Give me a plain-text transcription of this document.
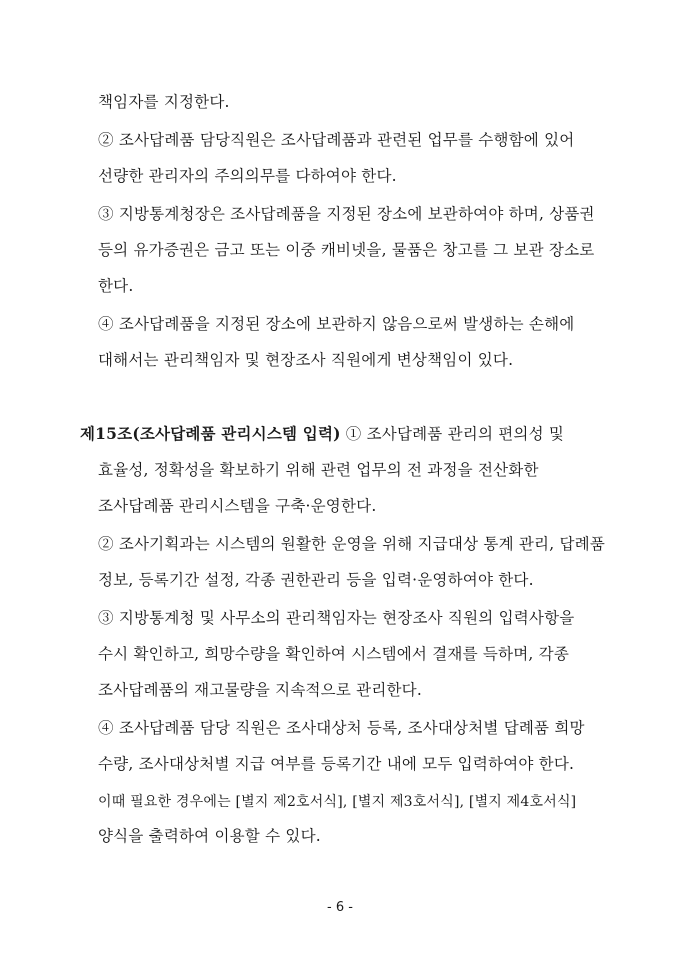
책임자를 지정한다.
② 조사답례품 담당직원은 조사답례품과 관련된 업무를 수행함에 있어
선량한 관리자의 주의의무를 다하여야 한다.
③ 지방통계청장은 조사답례품을 지정된 장소에 보관하여야 하며, 상품권
등의 유가증권은 금고 또는 이중 캐비넷을, 물품은 창고를 그 보관 장소로
한다.
④ 조사답례품을 지정된 장소에 보관하지 않음으로써 발생하는 손해에
대해서는 관리책임자 및 현장조사 직원에게 변상책임이 있다.
제15조(조사답례품 관리시스템 입력) ① 조사답례품 관리의 편의성 및
효율성, 정확성을 확보하기 위해 관련 업무의 전 과정을 전산화한
조사답례품 관리시스템을 구축·운영한다.
② 조사기획과는 시스템의 원활한 운영을 위해 지급대상 통계 관리, 답례품
정보, 등록기간 설정, 각종 권한관리 등을 입력·운영하여야 한다.
③ 지방통계청 및 사무소의 관리책임자는 현장조사 직원의 입력사항을
수시 확인하고, 희망수량을 확인하여 시스템에서 결재를 득하며, 각종
조사답례품의 재고물량을 지속적으로 관리한다.
④ 조사답례품 담당 직원은 조사대상처 등록, 조사대상처별 답례품 희망
수량, 조사대상처별 지급 여부를 등록기간 내에 모두 입력하여야 한다.
이때 필요한 경우에는 [별지 제2호서식], [별지 제3호서식], [별지 제4호서식]
양식을 출력하여 이용할 수 있다.
- 6 -
